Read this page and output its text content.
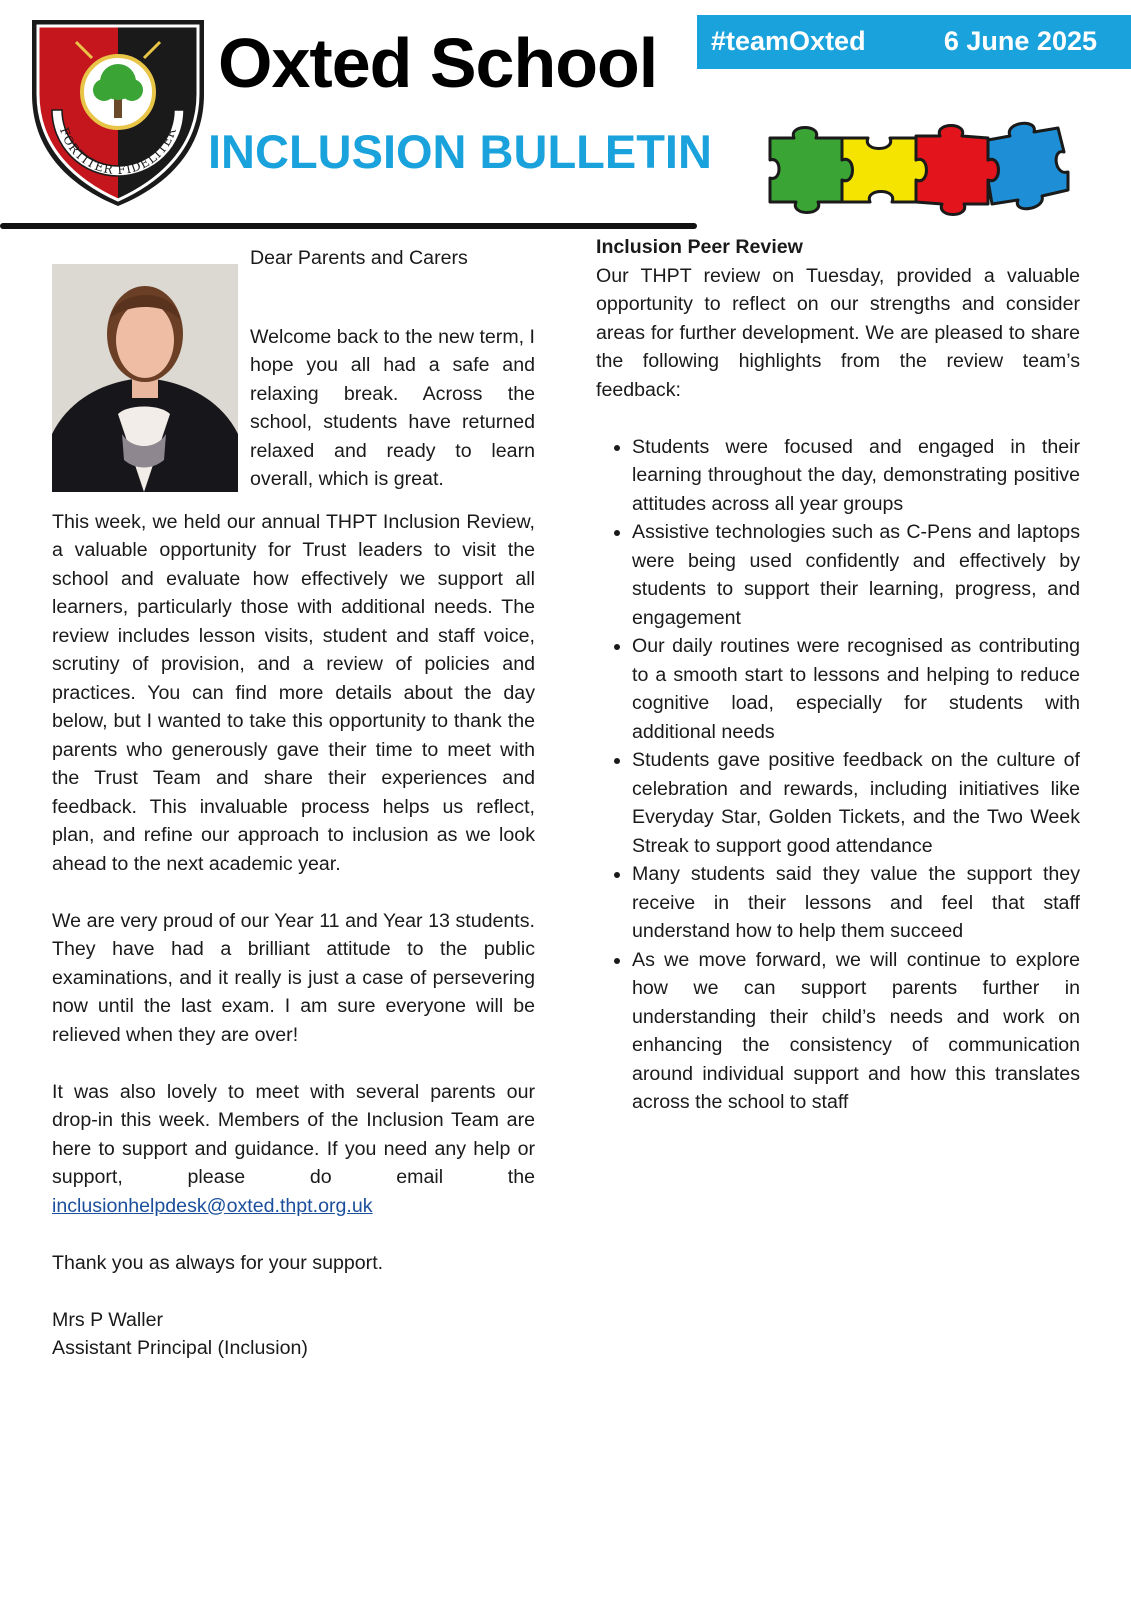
FORTITER FIDELITER
Oxted School
INCLUSION BULLETIN
#teamOxted	6 June 2025

Dear Parents and Carers

Welcome back to the new term, I hope you all had a safe and relaxing break. Across the school, students have returned relaxed and ready to learn overall, which is great.

This week, we held our annual THPT Inclusion Review, a valuable opportunity for Trust leaders to visit the school and evaluate how effectively we support all learners, particularly those with additional needs. The review includes lesson visits, student and staff voice, scrutiny of provision, and a review of policies and practices. You can find more details about the day below, but I wanted to take this opportunity to thank the parents who generously gave their time to meet with the Trust Team and share their experiences and feedback. This invaluable process helps us reflect, plan, and refine our approach to inclusion as we look ahead to the next academic year.

We are very proud of our Year 11 and Year 13 students. They have had a brilliant attitude to the public examinations, and it really is just a case of persevering now until the last exam. I am sure everyone will be relieved when they are over!

It was also lovely to meet with several parents our drop-in this week. Members of the Inclusion Team are here to support and guidance. If you need any help or support, please do email the inclusionhelpdesk@oxted.thpt.org.uk

Thank you as always for your support.

Mrs P Waller
Assistant Principal (Inclusion)

Inclusion Peer Review

Our THPT review on Tuesday, provided a valuable opportunity to reflect on our strengths and consider areas for further development. We are pleased to share the following highlights from the review team’s feedback:

• Students were focused and engaged in their learning throughout the day, demonstrating positive attitudes across all year groups
• Assistive technologies such as C-Pens and laptops were being used confidently and effectively by students to support their learning, progress, and engagement
• Our daily routines were recognised as contributing to a smooth start to lessons and helping to reduce cognitive load, especially for students with additional needs
• Students gave positive feedback on the culture of celebration and rewards, including initiatives like Everyday Star, Golden Tickets, and the Two Week Streak to support good attendance
• Many students said they value the support they receive in their lessons and feel that staff understand how to help them succeed
• As we move forward, we will continue to explore how we can support parents further in understanding their child’s needs and work on enhancing the consistency of communication around individual support and how this translates across the school to staff
